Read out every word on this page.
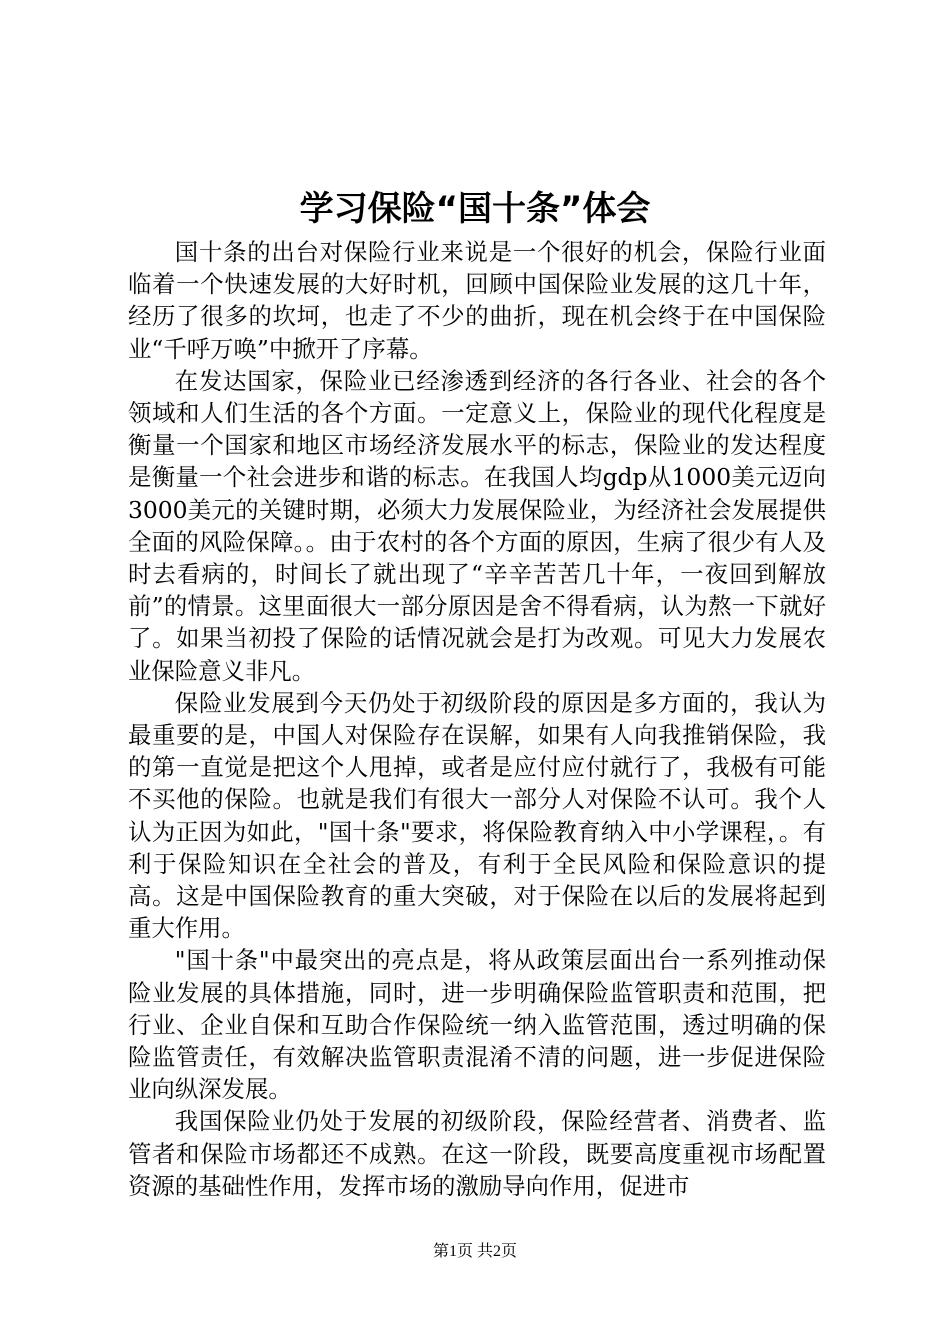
学习保险“国十条”体会

国十条的出台对保险行业来说是一个很好的机会，保险行业面临着一个快速发展的大好时机，回顾中国保险业发展的这几十年，经历了很多的坎坷，也走了不少的曲折，现在机会终于在中国保险业“千呼万唤”中掀开了序幕。

在发达国家，保险业已经渗透到经济的各行各业、社会的各个领域和人们生活的各个方面。一定意义上，保险业的现代化程度是衡量一个国家和地区市场经济发展水平的标志，保险业的发达程度是衡量一个社会进步和谐的标志。在我国人均gdp从1000美元迈向3000美元的关键时期，必须大力发展保险业，为经济社会发展提供全面的风险保障。。由于农村的各个方面的原因，生病了很少有人及时去看病的，时间长了就出现了“辛辛苦苦几十年，一夜回到解放前”的情景。这里面很大一部分原因是舍不得看病，认为熬一下就好了。如果当初投了保险的话情况就会是打为改观。可见大力发展农业保险意义非凡。

保险业发展到今天仍处于初级阶段的原因是多方面的，我认为最重要的是，中国人对保险存在误解，如果有人向我推销保险，我的第一直觉是把这个人甩掉，或者是应付应付就行了，我极有可能不买他的保险。也就是我们有很大一部分人对保险不认可。我个人认为正因为如此，"国十条"要求，将保险教育纳入中小学课程，。有利于保险知识在全社会的普及，有利于全民风险和保险意识的提高。这是中国保险教育的重大突破，对于保险在以后的发展将起到重大作用。

"国十条"中最突出的亮点是，将从政策层面出台一系列推动保险业发展的具体措施，同时，进一步明确保险监管职责和范围，把行业、企业自保和互助合作保险统一纳入监管范围，透过明确的保险监管责任，有效解决监管职责混淆不清的问题，进一步促进保险业向纵深发展。

我国保险业仍处于发展的初级阶段，保险经营者、消费者、监管者和保险市场都还不成熟。在这一阶段，既要高度重视市场配置资源的基础性作用，发挥市场的激励导向作用，促进市

第1页 共2页
